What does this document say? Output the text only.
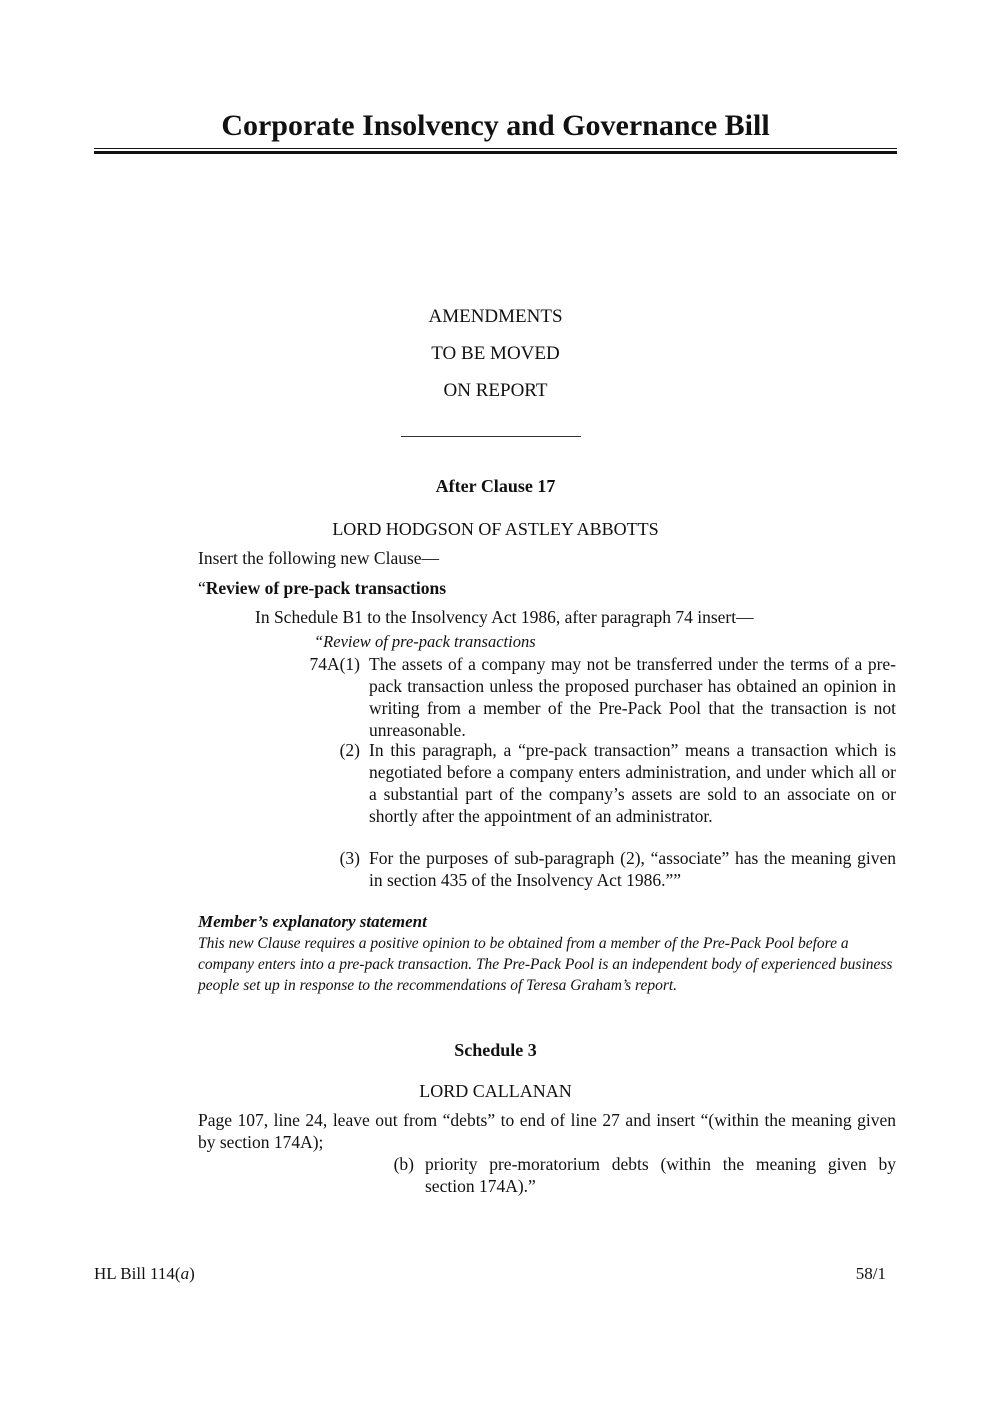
Corporate Insolvency and Governance Bill
AMENDMENTS
TO BE MOVED
ON REPORT
After Clause 17
LORD HODGSON OF ASTLEY ABBOTTS
Insert the following new Clause—
“Review of pre-pack transactions
In Schedule B1 to the Insolvency Act 1986, after paragraph 74 insert—
“Review of pre-pack transactions
74A(1) The assets of a company may not be transferred under the terms of a pre-pack transaction unless the proposed purchaser has obtained an opinion in writing from a member of the Pre-Pack Pool that the transaction is not unreasonable.
(2) In this paragraph, a “pre-pack transaction” means a transaction which is negotiated before a company enters administration, and under which all or a substantial part of the company’s assets are sold to an associate on or shortly after the appointment of an administrator.
(3) For the purposes of sub-paragraph (2), “associate” has the meaning given in section 435 of the Insolvency Act 1986.””
Member’s explanatory statement
This new Clause requires a positive opinion to be obtained from a member of the Pre-Pack Pool before a company enters into a pre-pack transaction. The Pre-Pack Pool is an independent body of experienced business people set up in response to the recommendations of Teresa Graham’s report.
Schedule 3
LORD CALLANAN
Page 107, line 24, leave out from “debts” to end of line 27 and insert “(within the meaning given by section 174A);
(b) priority pre-moratorium debts (within the meaning given by section 174A).”
HL Bill 114(a)	58/1
